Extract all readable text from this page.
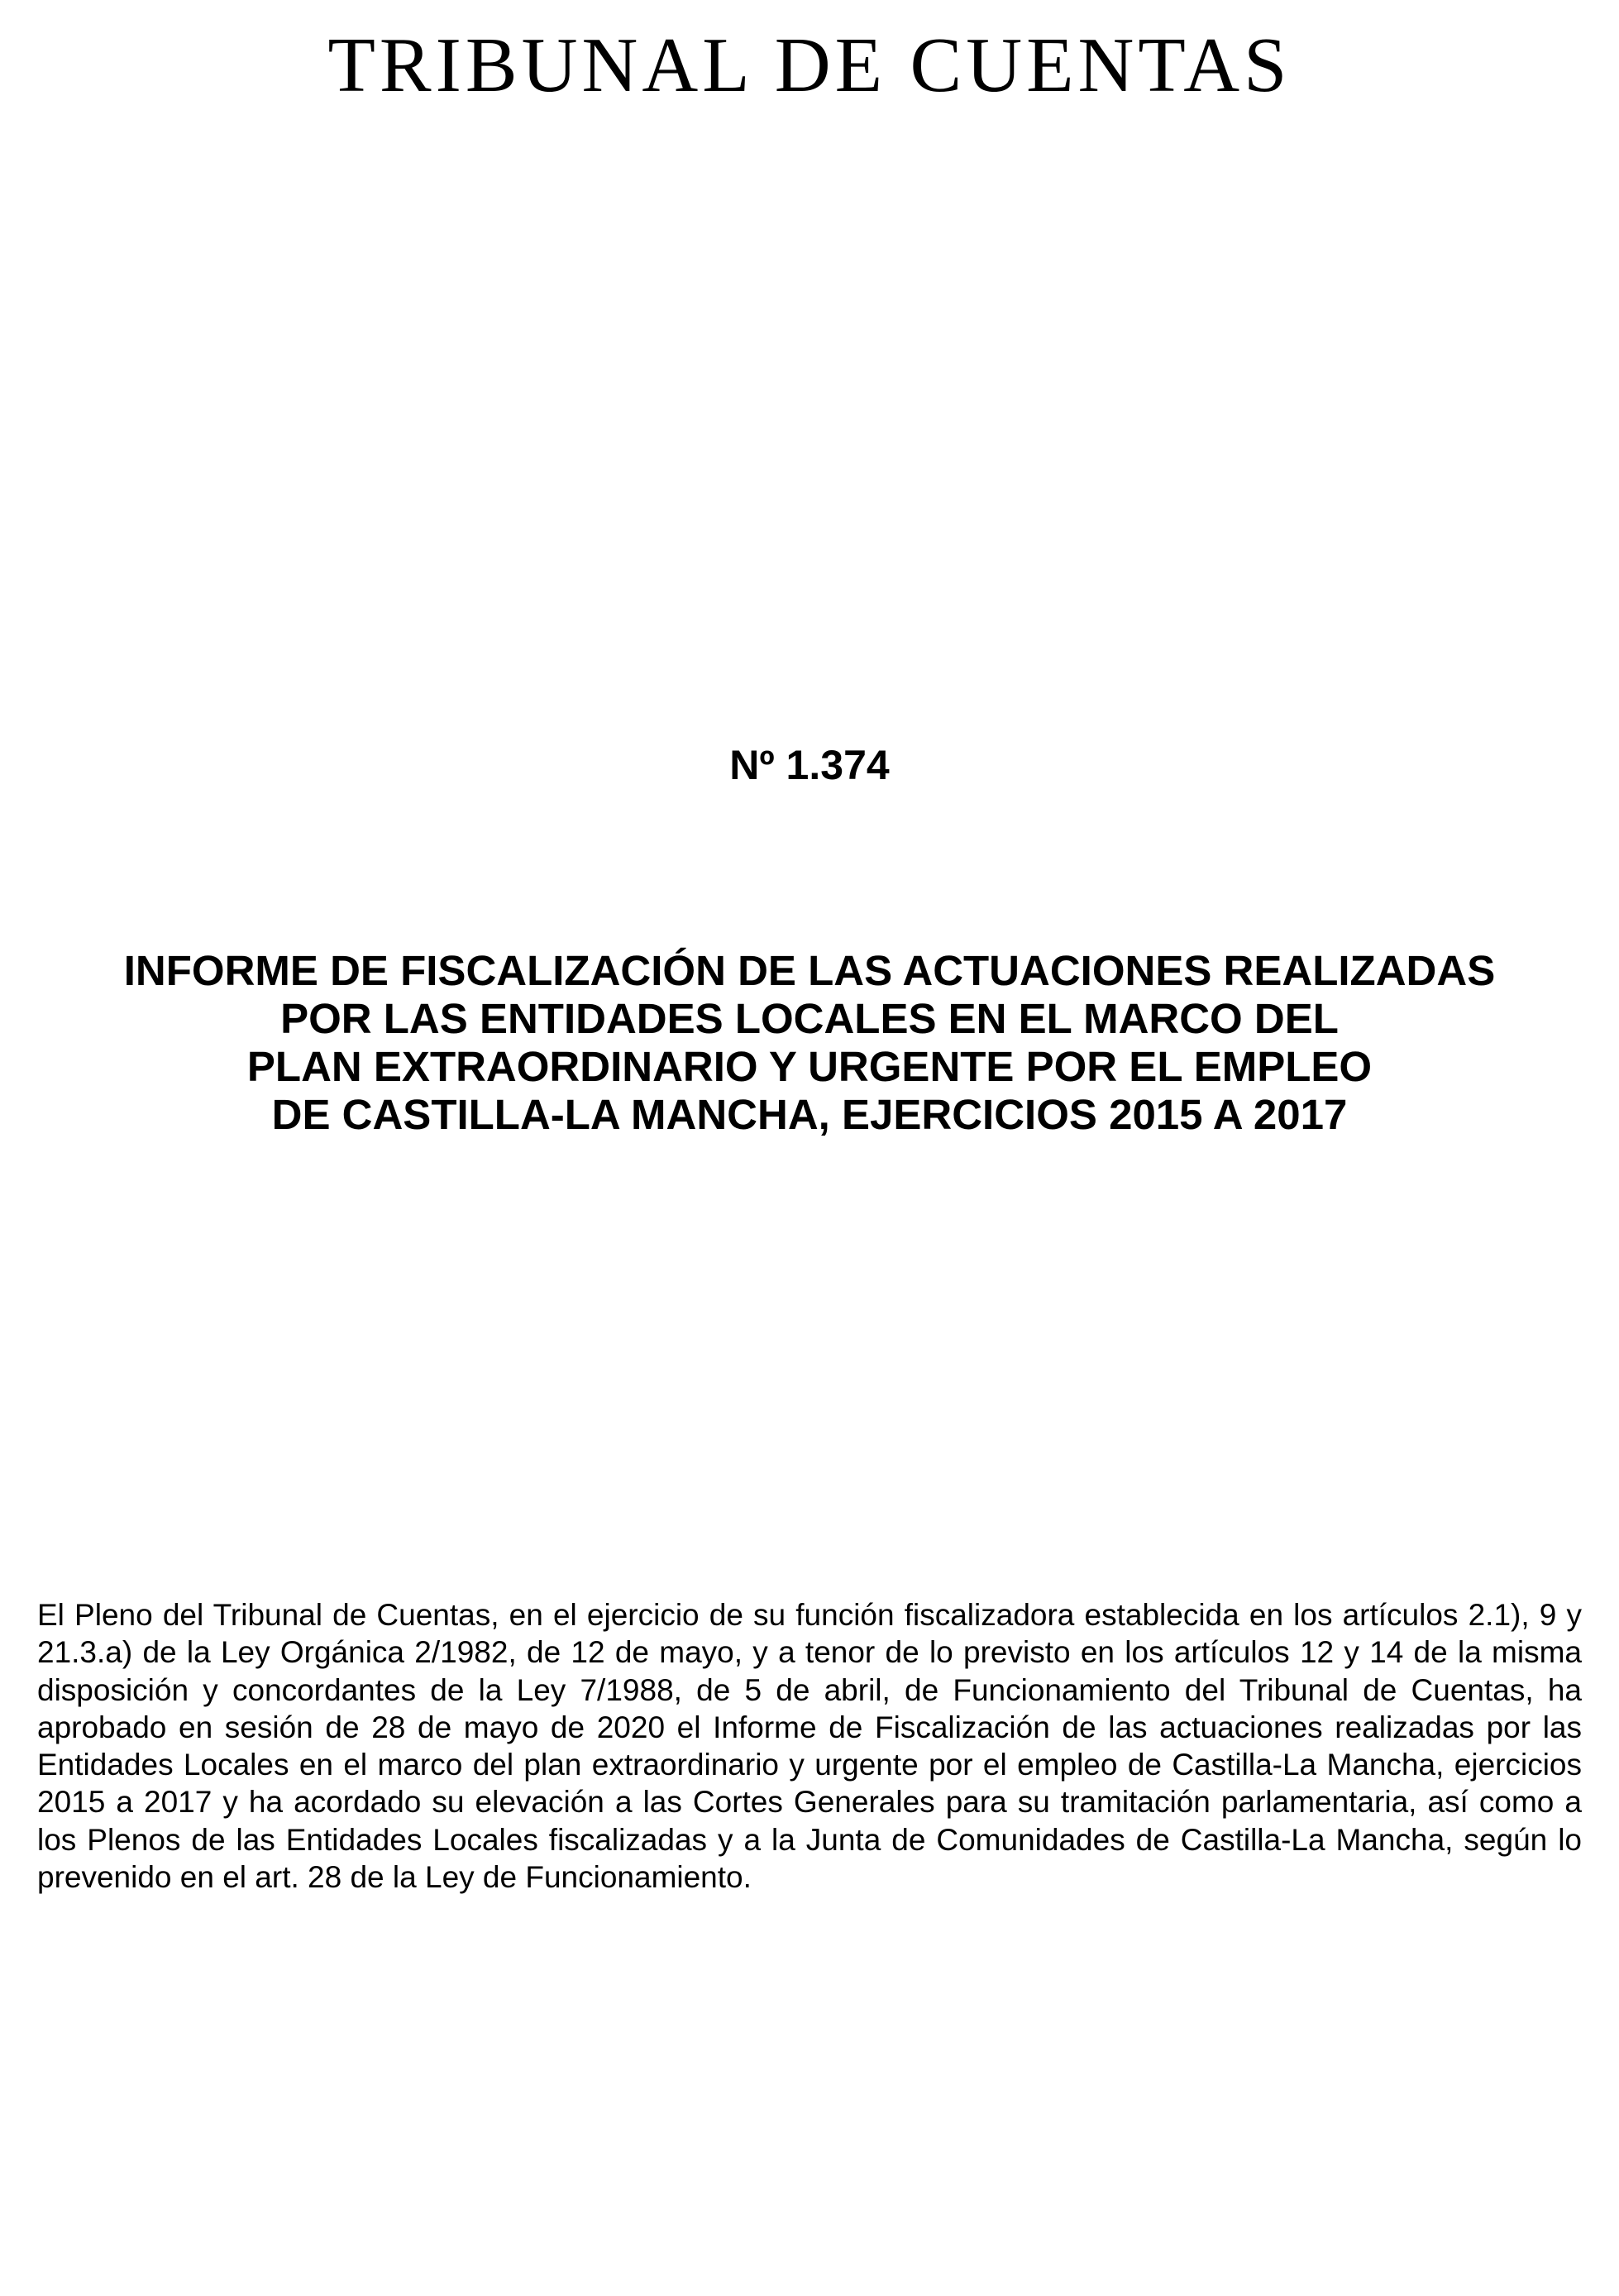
TRIBUNAL DE CUENTAS
Nº 1.374
INFORME DE FISCALIZACIÓN DE LAS ACTUACIONES REALIZADAS
POR LAS ENTIDADES LOCALES EN EL MARCO DEL
PLAN EXTRAORDINARIO Y URGENTE POR EL EMPLEO
DE CASTILLA-LA MANCHA, EJERCICIOS 2015 A 2017

El Pleno del Tribunal de Cuentas, en el ejercicio de su función fiscalizadora establecida en los artículos 2.1), 9 y 21.3.a) de la Ley Orgánica 2/1982, de 12 de mayo, y a tenor de lo previsto en los artículos 12 y 14 de la misma disposición y concordantes de la Ley 7/1988, de 5 de abril, de Funcionamiento del Tribunal de Cuentas, ha aprobado en sesión de 28 de mayo de 2020 el Informe de Fiscalización de las actuaciones realizadas por las Entidades Locales en el marco del plan extraordinario y urgente por el empleo de Castilla-La Mancha, ejercicios 2015 a 2017 y ha acordado su elevación a las Cortes Generales para su tramitación parlamentaria, así como a los Plenos de las Entidades Locales fiscalizadas y a la Junta de Comunidades de Castilla-La Mancha, según lo prevenido en el art. 28 de la Ley de Funcionamiento.
